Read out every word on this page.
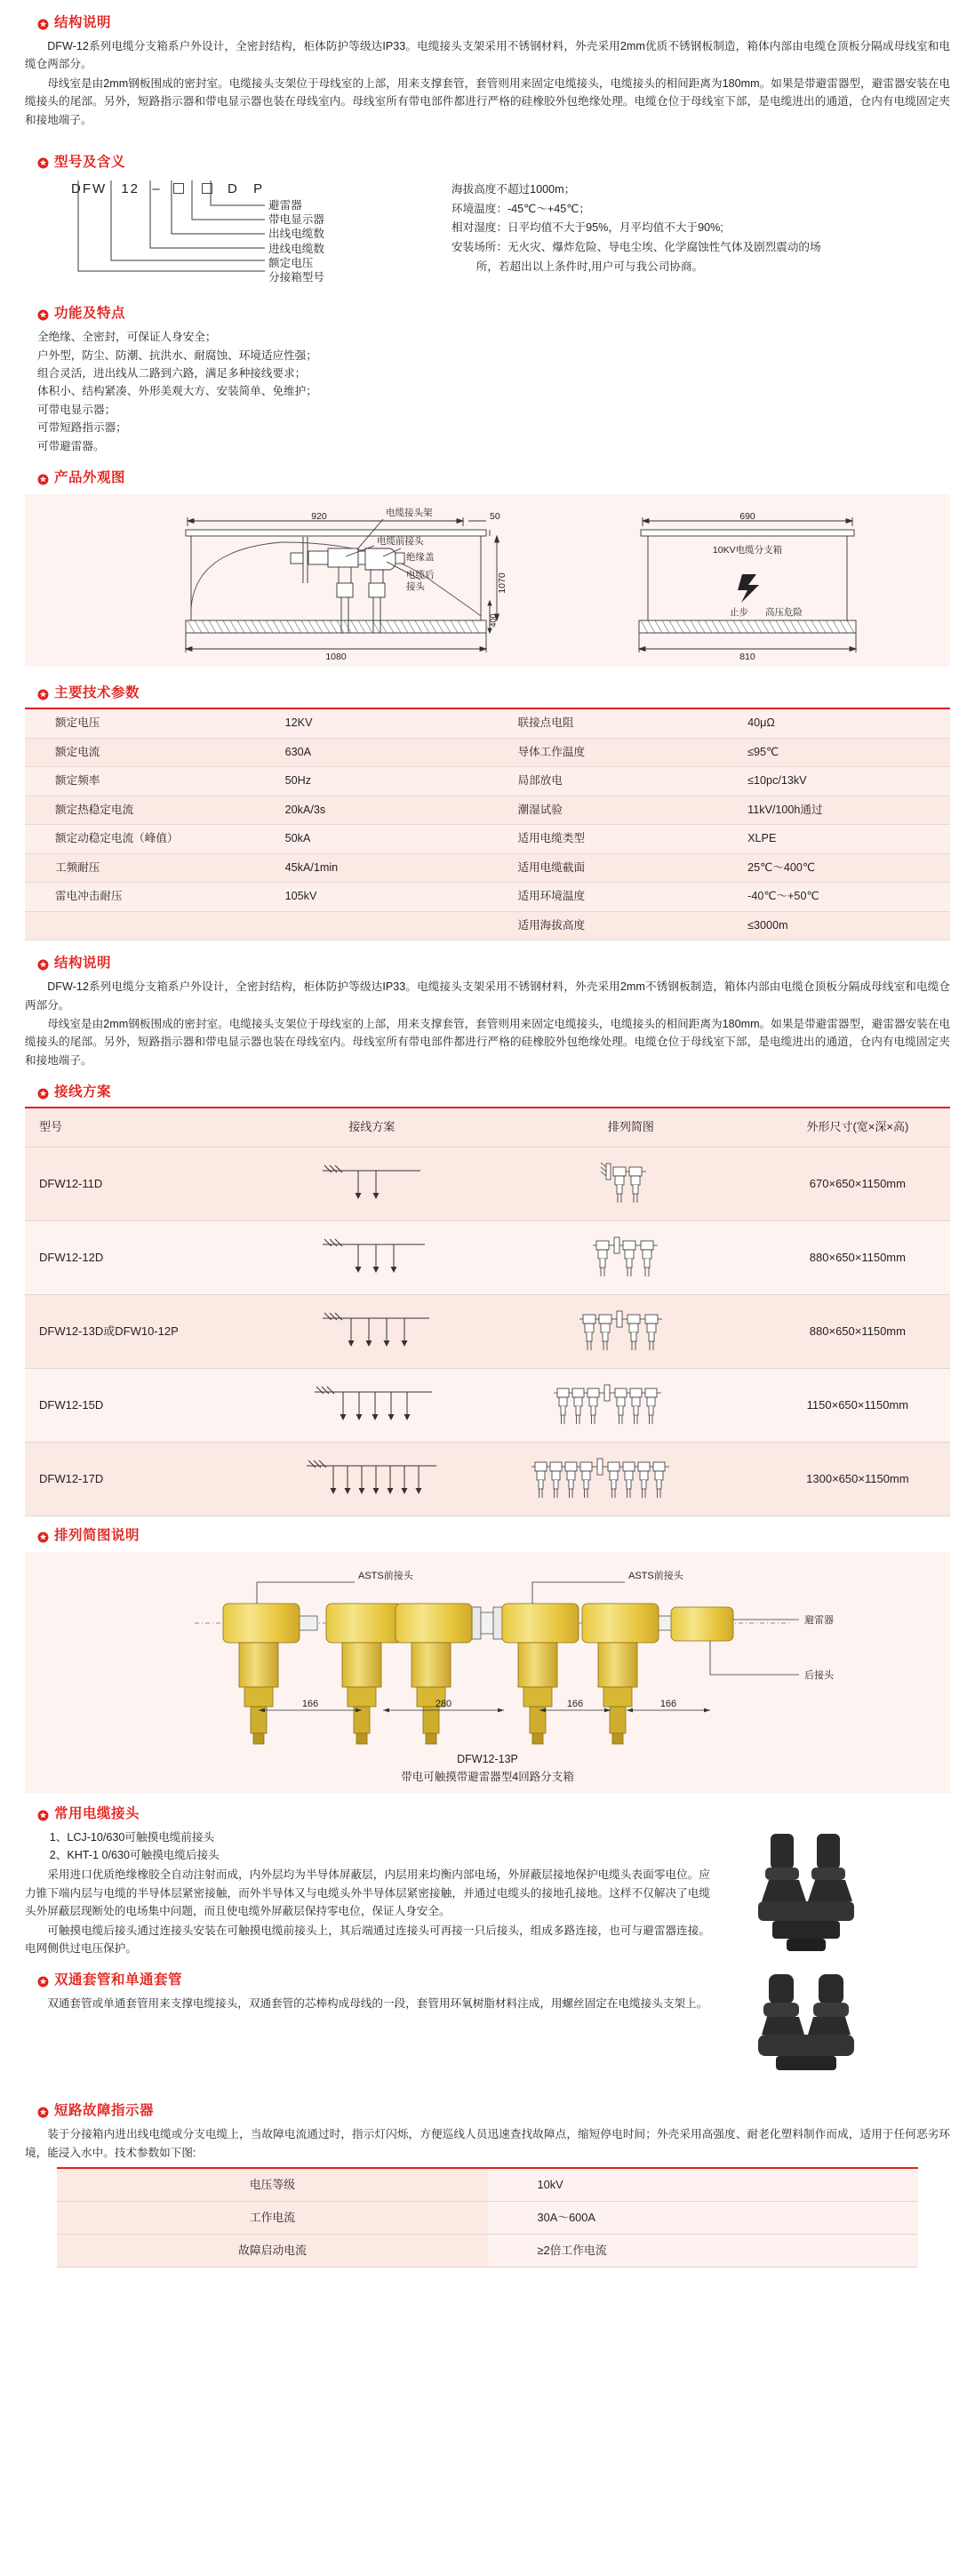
结构说明

DFW-12系列电缆分支箱系户外设计，全密封结构，柜体防护等级达IP33。电缆接头支架采用不锈钢材料，外壳采用2mm优质不锈钢板制造，箱体内部由电缆仓顶板分隔成母线室和电缆仓两部分。

母线室是由2mm钢板围成的密封室。电缆接头支架位于母线室的上部，用来支撑套管，套管则用来固定电缆接头，电缆接头的相间距离为180mm。如果是带避雷器型，避雷器安装在电缆接头的尾部。另外，短路指示器和带电显示器也装在母线室内。母线室所有带电部件都进行严格的硅橡胶外包绝缘处理。电缆仓位于母线室下部，是电缆进出的通道，仓内有电缆固定夹和接地端子。

型号及含义
DFW 12 –	D P
避雷器
带电显示器
出线电缆数
进线电缆数
额定电压
分接箱型号
海拔高度不超过1000m；
环境温度：-45℃～+45℃；
相对湿度：日平均值不大于95%，月平均值不大于90%;
安装场所：无火灾、爆炸危险、导电尘埃、化学腐蚀性气体及剧烈震动的场
所，若超出以上条件时,用户可与我公司协商。
功能及特点

全绝缘、全密封，可保证人身安全；

户外型，防尘、防潮、抗洪水、耐腐蚀、环境适应性强；

组合灵活，进出线从二路到六路，满足多种接线要求；

体积小、结构紧凑、外形美观大方、安装简单、免维护；

可带电显示器；

可带短路指示器；

可带避雷器。

产品外观图
电缆接头架
920	50
电缆前接头
绝缘盖
电缆后
接头	1070
400
1080
690
810
10KV电缆分支箱
止步 高压危险
主要技术参数
额定电压	12KV	联接点电阻	40μΩ
额定电流	630A	导体工作温度	≤95℃
额定频率	50Hz	局部放电	≤10pc/13kV
额定热稳定电流	20kA/3s	潮湿试验	11kV/100h通过
额定动稳定电流（峰值）	50kA	适用电缆类型	XLPE
工频耐压	45kA/1min	适用电缆截面	25℃～400℃
雷电冲击耐压	105kV	适用环境温度	-40℃～+50℃
		适用海拔高度	≤3000m
结构说明

DFW-12系列电缆分支箱系户外设计，全密封结构，柜体防护等级达IP33。电缆接头支架采用不锈钢材料，外壳采用2mm不锈钢板制造，箱体内部由电缆仓顶板分隔成母线室和电缆仓两部分。

母线室是由2mm钢板围成的密封室。电缆接头支架位于母线室的上部，用来支撑套管，套管则用来固定电缆接头，电缆接头的相间距离为180mm。如果是带避雷器型，避雷器安装在电缆接头的尾部。另外，短路指示器和带电显示器也装在母线室内。母线室所有带电部件都进行严格的硅橡胶外包绝缘处理。电缆仓位于母线室下部，是电缆进出的通道，仓内有电缆固定夹和接地端子。

接线方案
型号	接线方案	排列简图	外形尺寸(宽×深×高)
DFW12-11D			670×650×1150mm
DFW12-12D			880×650×1150mm
DFW12-13D或DFW10-12P			880×650×1150mm
DFW12-15D			1150×650×1150mm
DFW12-17D			1300×650×1150mm
排列简图说明
ASTS前接头	ASTS前接头
避雷器
后接头
166	280	166	166
DFW12-13P
带电可触摸带避雷器型4回路分支箱
常用电缆接头
1、LCJ-10/630可触摸电缆前接头
2、KHT-1 0/630可触摸电缆后接头

采用进口优质绝缘橡胶全自动注射而成，内外层均为半导体屏蔽层，内层用来均衡内部电场，外屏蔽层接地保护电缆头表面零电位。应力锥下端内层与电缆的半导体层紧密接触，而外半导体又与电缆头外半导体层紧密接触，并通过电缆头的接地孔接地。这样不仅解决了电缆头外屏蔽层现断处的电场集中问题，而且使电缆外屏蔽层保持零电位，保证人身安全。

可触摸电缆后接头通过连接头安装在可触摸电缆前接头上，其后端通过连接头可再接一只后接头，组成多路连接，也可与避雷器连接。电网侧供过电压保护。

双通套管和单通套管

双通套管或单通套管用来支撑电缆接头，双通套管的芯棒构成母线的一段，套管用环氧树脂材料注成，用螺丝固定在电缆接头支架上。

短路故障指示器

装于分接箱内进出线电缆或分支电缆上，当故障电流通过时，指示灯闪烁，方便巡线人员迅速查找故障点，缩短停电时间；外壳采用高强度、耐老化塑料制作而成，适用于任何恶劣环境，能浸入水中。技术参数如下图:

电压等级	10kV
工作电流	30A～600A
故障启动电流	≥2倍工作电流
